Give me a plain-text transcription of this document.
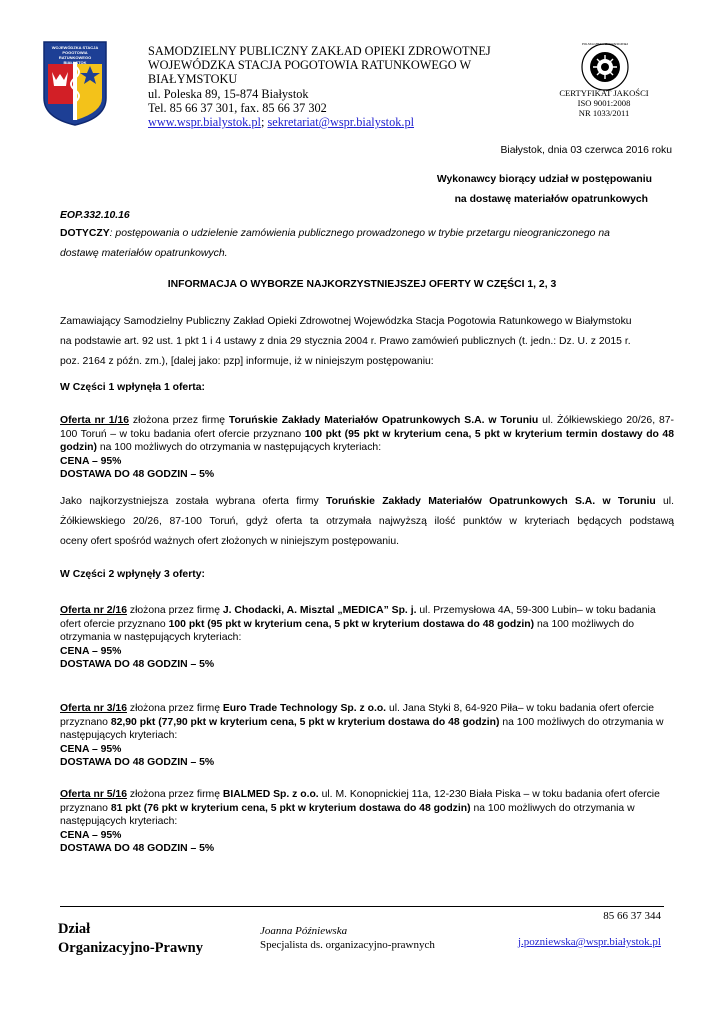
WOJEWÓDZKA STACJA POGOTOWIA RATUNKOWEGO BIAŁYSTOK
SAMODZIELNY PUBLICZNY ZAKŁAD OPIEKI ZDROWOTNEJ
WOJEWÓDZKA STACJA POGOTOWIA RATUNKOWEGO W
BIAŁYMSTOKU
ul. Poleska 89, 15-874 Białystok
Tel. 85 66 37 301, fax. 85 66 37 302
www.wspr.bialystok.pl; sekretariat@wspr.bialystok.pl
POLSKA IZBA ... ZAGRANICZNEJ
CERTYFIKAT JAKOŚCI
ISO 9001:2008
NR 1033/2011
Białystok, dnia 03 czerwca 2016 roku
Wykonawcy biorący udział w postępowaniu
na dostawę materiałów opatrunkowych
EOP.332.10.16
DOTYCZY: postępowania o udzielenie zamówienia publicznego prowadzonego w trybie przetargu nieograniczonego na
dostawę materiałów opatrunkowych.
INFORMACJA O WYBORZE NAJKORZYSTNIEJSZEJ OFERTY W CZĘŚCI 1, 2, 3
Zamawiający Samodzielny Publiczny Zakład Opieki Zdrowotnej Wojewódzka Stacja Pogotowia Ratunkowego w Białymstoku
na podstawie art. 92 ust. 1 pkt 1 i 4 ustawy z dnia 29 stycznia 2004 r. Prawo zamówień publicznych (t. jedn.: Dz. U. z 2015 r.
poz. 2164 z późn. zm.), [dalej jako: pzp] informuje, iż w niniejszym postępowaniu:
W Części 1 wpłynęła 1 oferta:
Oferta nr 1/16 złożona przez firmę Toruńskie Zakłady Materiałów Opatrunkowych S.A. w Toruniu ul. Żółkiewskiego 20/26, 87-100 Toruń – w toku badania ofert ofercie przyznano 100 pkt (95 pkt w kryterium cena, 5 pkt w kryterium termin dostawy do 48 godzin) na 100 możliwych do otrzymania w następujących kryteriach:
CENA – 95%
DOSTAWA DO 48 GODZIN – 5%
Jako najkorzystniejsza została wybrana oferta firmy Toruńskie Zakłady Materiałów Opatrunkowych S.A. w Toruniu ul.
Żółkiewskiego 20/26, 87-100 Toruń, gdyż oferta ta otrzymała najwyższą ilość punktów w kryteriach będących podstawą
oceny ofert spośród ważnych ofert złożonych w niniejszym postępowaniu.
W Części 2 wpłynęły 3 oferty:
Oferta nr 2/16 złożona przez firmę J. Chodacki, A. Misztal „MEDICA” Sp. j. ul. Przemysłowa 4A, 59-300 Lubin– w toku badania ofert ofercie przyznano 100 pkt (95 pkt w kryterium cena, 5 pkt w kryterium dostawa do 48 godzin) na 100 możliwych do otrzymania w następujących kryteriach:
CENA – 95%
DOSTAWA DO 48 GODZIN – 5%
Oferta nr 3/16 złożona przez firmę Euro Trade Technology Sp. z o.o. ul. Jana Styki 8, 64-920 Piła– w toku badania ofert ofercie przyznano 82,90 pkt (77,90 pkt w kryterium cena, 5 pkt w kryterium dostawa do 48 godzin) na 100 możliwych do otrzymania w następujących kryteriach:
CENA – 95%
DOSTAWA DO 48 GODZIN – 5%
Oferta nr 5/16 złożona przez firmę BIALMED Sp. z o.o. ul. M. Konopnickiej 11a, 12-230 Biała Piska – w toku badania ofert ofercie przyznano 81 pkt (76 pkt w kryterium cena, 5 pkt w kryterium dostawa do 48 godzin) na 100 możliwych do otrzymania w następujących kryteriach:
CENA – 95%
DOSTAWA DO 48 GODZIN – 5%
Dział
Organizacyjno-Prawny
Joanna Późniewska
Specjalista ds. organizacyjno-prawnych
85 66 37 344
j.pozniewska@wspr.białystok.pl
